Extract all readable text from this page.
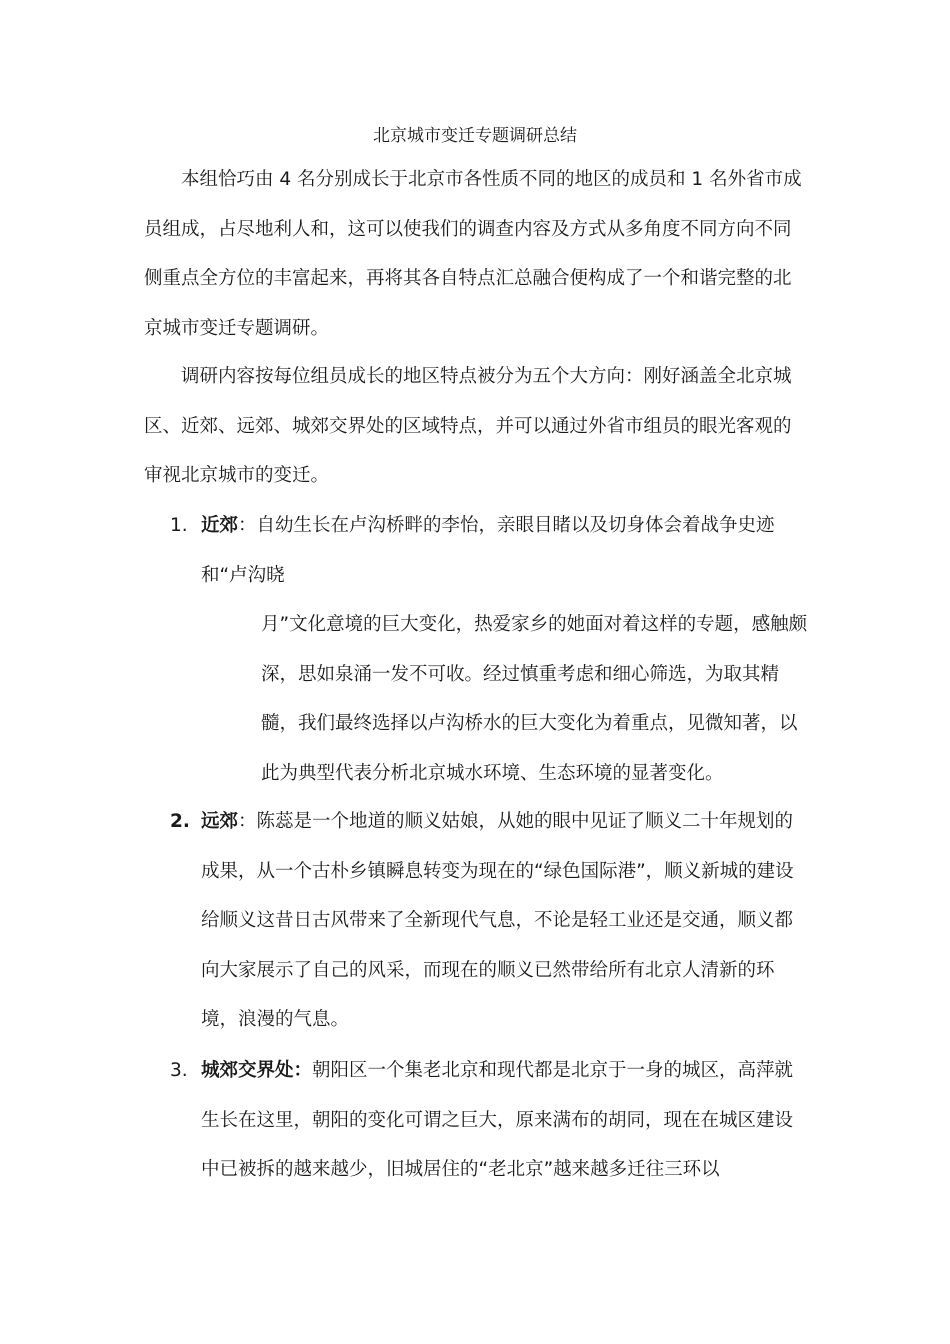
北京城市变迁专题调研总结

本组恰巧由 4 名分别成长于北京市各性质不同的地区的成员和 1 名外省市成员组成，占尽地利人和，这可以使我们的调查内容及方式从多角度不同方向不同侧重点全方位的丰富起来，再将其各自特点汇总融合便构成了一个和谐完整的北京城市变迁专题调研。

调研内容按每位组员成长的地区特点被分为五个大方向：刚好涵盖全北京城区、近郊、远郊、城郊交界处的区域特点，并可以通过外省市组员的眼光客观的审视北京城市的变迁。

1. 近郊：自幼生长在卢沟桥畔的李怡，亲眼目睹以及切身体会着战争史迹和“卢沟晓
月”文化意境的巨大变化，热爱家乡的她面对着这样的专题，感触颇深，思如泉涌一发不可收。经过慎重考虑和细心筛选，为取其精髓，我们最终选择以卢沟桥水的巨大变化为着重点，见微知著，以此为典型代表分析北京城水环境、生态环境的显著变化。
2. 远郊：陈蕊是一个地道的顺义姑娘，从她的眼中见证了顺义二十年规划的成果，从一个古朴乡镇瞬息转变为现在的“绿色国际港”，顺义新城的建设给顺义这昔日古风带来了全新现代气息，不论是轻工业还是交通，顺义都向大家展示了自己的风采，而现在的顺义已然带给所有北京人清新的环境，浪漫的气息。
3. 城郊交界处：朝阳区一个集老北京和现代都是北京于一身的城区，高萍就生长在这里，朝阳的变化可谓之巨大，原来满布的胡同，现在在城区建设中已被拆的越来越少，旧城居住的“老北京”越来越多迁往三环以
